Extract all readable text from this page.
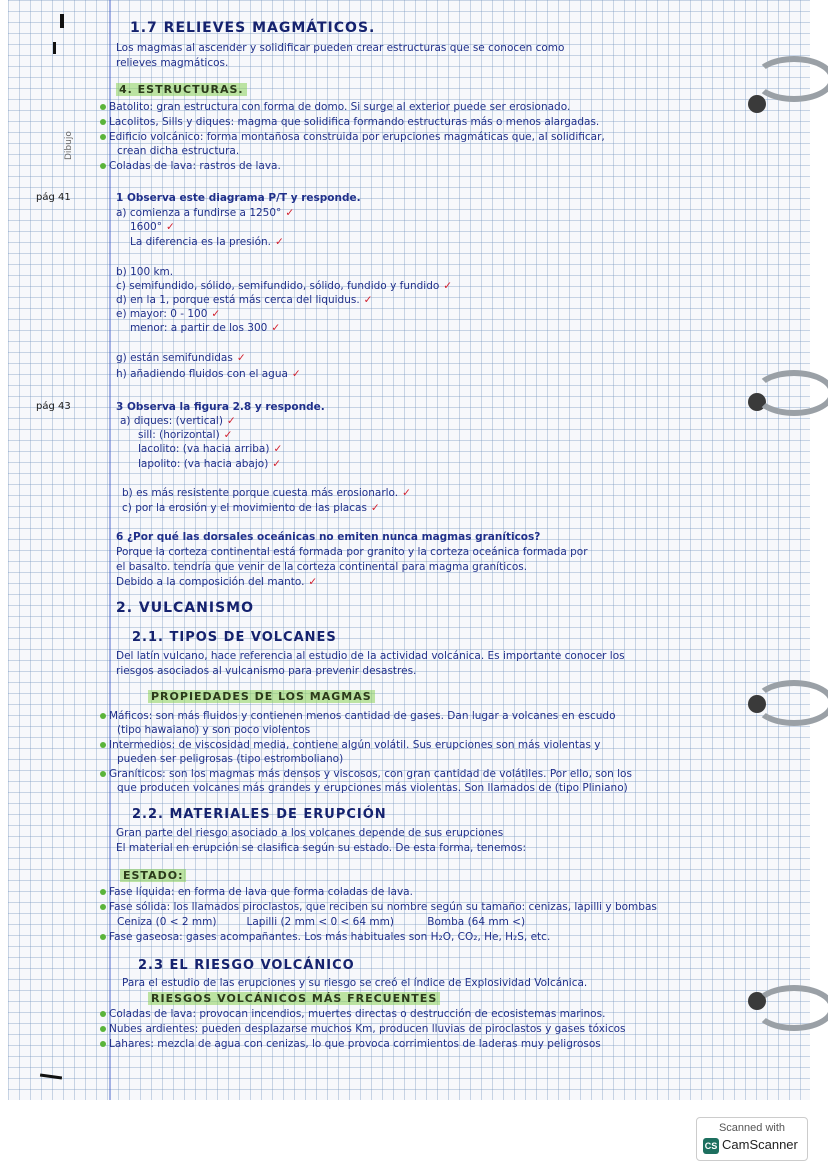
Dibujo
pág 41
pág 43
1.7 RELIEVES MAGMÁTICOS.
Los magmas al ascender y solidificar pueden crear estructuras que se conocen como
relieves magmáticos.
4. ESTRUCTURAS.
Batolito: gran estructura con forma de domo. Si surge al exterior puede ser erosionado.
Lacolitos, Sills y diques: magma que solidifica formando estructuras más o menos alargadas.
Edificio volcánico: forma montañosa construida por erupciones magmáticas que, al solidificar,
crean dicha estructura.
Coladas de lava: rastros de lava.
1 Observa este diagrama P/T y responde.
a) comienza a fundirse a 1250° ✓
1600° ✓
La diferencia es la presión. ✓
b) 100 km.
c) semifundido, sólido, semifundido, sólido, fundido y fundido ✓
d) en la 1, porque está más cerca del liquidus. ✓
e) mayor: 0 - 100 ✓
menor: a partir de los 300 ✓
g) están semifundidas ✓
h) añadiendo fluidos con el agua ✓
3 Observa la figura 2.8 y responde.
a) diques: (vertical) ✓
sill: (horizontal) ✓
lacolito: (va hacia arriba) ✓
lapolito: (va hacia abajo) ✓
b) es más resistente porque cuesta más erosionarlo. ✓
c) por la erosión y el movimiento de las placas ✓
6 ¿Por qué las dorsales oceánicas no emiten nunca magmas graníticos?
Porque la corteza continental está formada por granito y la corteza oceánica formada por
el basalto. tendría que venir de la corteza continental para magma graníticos.
Debido a la composición del manto. ✓
2. VULCANISMO
2.1. TIPOS DE VOLCANES
Del latín vulcano, hace referencia al estudio de la actividad volcánica. Es importante conocer los
riesgos asociados al vulcanismo para prevenir desastres.
PROPIEDADES DE LOS MAGMAS
Máficos: son más fluidos y contienen menos cantidad de gases. Dan lugar a volcanes en escudo
(tipo hawaiano) y son poco violentos
Intermedios: de viscosidad media, contiene algún volátil. Sus erupciones son más violentas y
pueden ser peligrosas (tipo estromboliano)
Graníticos: son los magmas más densos y viscosos, con gran cantidad de volátiles. Por ello, son los
que producen volcanes más grandes y erupciones más violentas. Son llamados de (tipo Pliniano)
2.2. MATERIALES DE ERUPCIÓN
Gran parte del riesgo asociado a los volcanes depende de sus erupciones
El material en erupción se clasifica según su estado. De esta forma, tenemos:
ESTADO:
Fase líquida: en forma de lava que forma coladas de lava.
Fase sólida: los llamados piroclastos, que reciben su nombre según su tamaño: cenizas, lapilli y bombas
Ceniza (0 < 2 mm)         Lapilli (2 mm < 0 < 64 mm)          Bomba (64 mm <)
Fase gaseosa: gases acompañantes. Los más habituales son H₂O, CO₂, He, H₂S, etc.
2.3 EL RIESGO VOLCÁNICO
Para el estudio de las erupciones y su riesgo se creó el índice de Explosividad Volcánica.
RIESGOS VOLCÁNICOS MÁS FRECUENTES
Coladas de lava: provocan incendios, muertes directas o destrucción de ecosistemas marinos.
Nubes ardientes: pueden desplazarse muchos Km, producen lluvias de piroclastos y gases tóxicos
Lahares: mezcla de agua con cenizas, lo que provoca corrimientos de laderas muy peligrosos
Scanned with
CS CamScanner
